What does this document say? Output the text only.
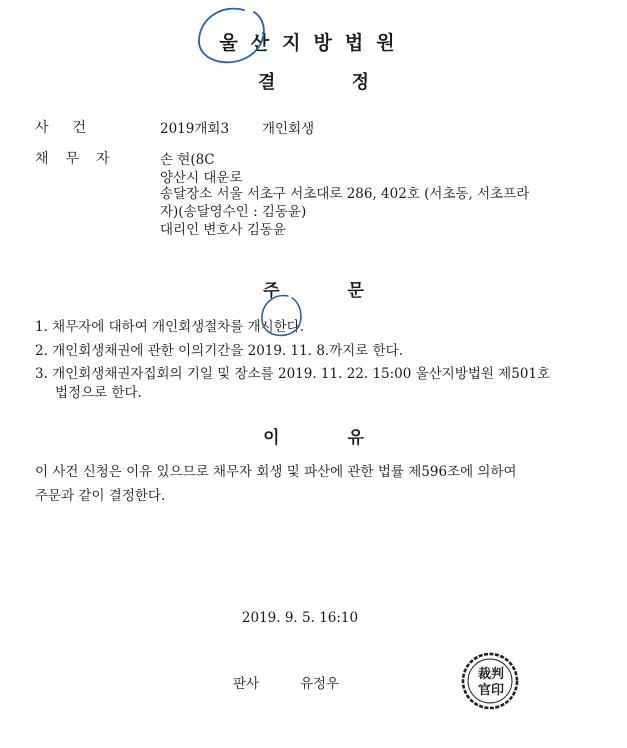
울산지방법원
결 정
사건	2019개회3 개인회생
채무자 손 현(8C
양산시 대운로
송달장소 서울 서초구 서초대로 286, 402호 (서초동, 서초프라
자)(송달영수인 : 김동윤)
대리인 변호사 김동윤
주 문
1. 채무자에 대하여 개인회생절차를 개시한다.
2. 개인회생채권에 관한 이의기간을 2019. 11. 8.까지로 한다.
3. 개인회생채권자집회의 기일 및 장소를 2019. 11. 22. 15:00 울산지방법원 제501호
법정으로 한다.
이 유
이 사건 신청은 이유 있으므로 채무자 회생 및 파산에 관한 법률 제596조에 의하여
주문과 같이 결정한다.
2019. 9. 5. 16:10
판사	유정우
裁 判
官 印
